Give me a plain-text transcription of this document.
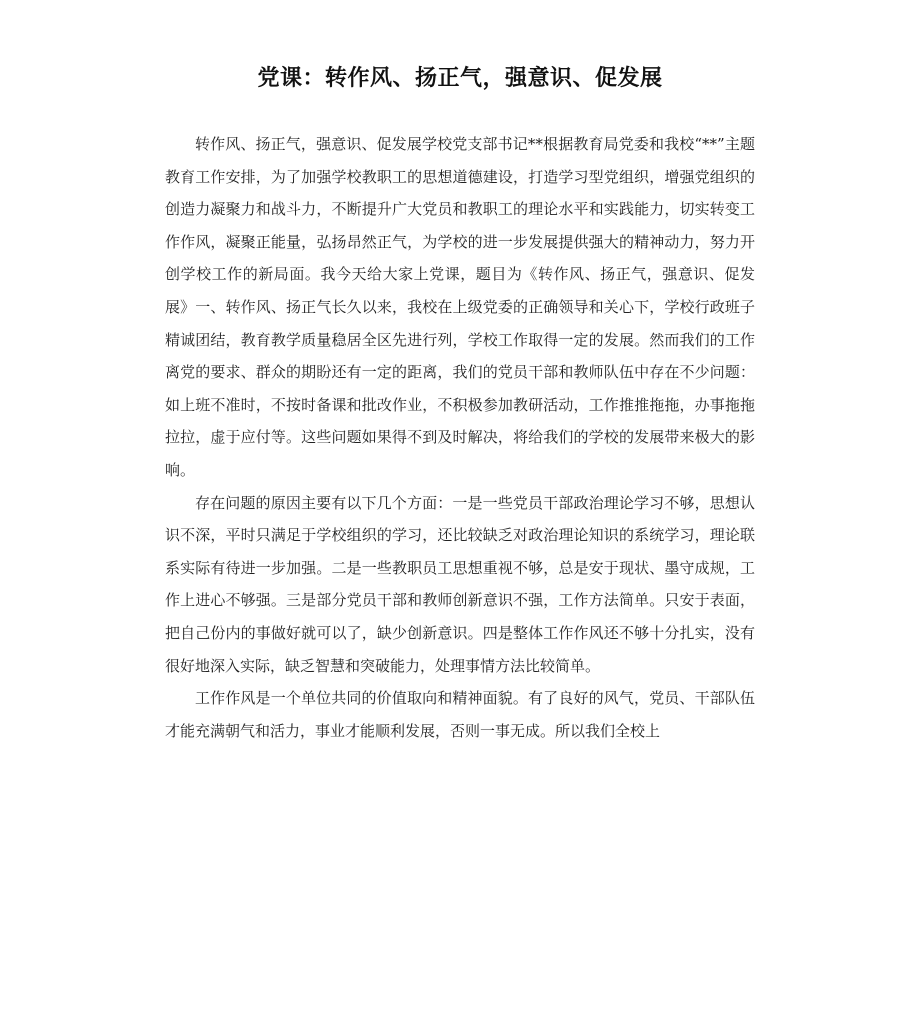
党课：转作风、扬正气，强意识、促发展

转作风、扬正气，强意识、促发展学校党支部书记**根据教育局党委和我校“**”主题教育工作安排，为了加强学校教职工的思想道德建设，打造学习型党组织，增强党组织的创造力凝聚力和战斗力，不断提升广大党员和教职工的理论水平和实践能力，切实转变工作作风，凝聚正能量，弘扬昂然正气，为学校的进一步发展提供强大的精神动力，努力开创学校工作的新局面。我今天给大家上党课，题目为《转作风、扬正气，强意识、促发展》一、转作风、扬正气长久以来，我校在上级党委的正确领导和关心下，学校行政班子精诚团结，教育教学质量稳居全区先进行列，学校工作取得一定的发展。然而我们的工作离党的要求、群众的期盼还有一定的距离，我们的党员干部和教师队伍中存在不少问题：如上班不准时，不按时备课和批改作业，不积极参加教研活动，工作推推拖拖，办事拖拖拉拉，虚于应付等。这些问题如果得不到及时解决，将给我们的学校的发展带来极大的影响。

存在问题的原因主要有以下几个方面：一是一些党员干部政治理论学习不够，思想认识不深，平时只满足于学校组织的学习，还比较缺乏对政治理论知识的系统学习，理论联系实际有待进一步加强。二是一些教职员工思想重视不够，总是安于现状、墨守成规，工作上进心不够强。三是部分党员干部和教师创新意识不强，工作方法简单。只安于表面，把自己份内的事做好就可以了，缺少创新意识。四是整体工作作风还不够十分扎实，没有很好地深入实际，缺乏智慧和突破能力，处理事情方法比较简单。

工作作风是一个单位共同的价值取向和精神面貌。有了良好的风气，党员、干部队伍才能充满朝气和活力，事业才能顺利发展，否则一事无成。所以我们全校上
